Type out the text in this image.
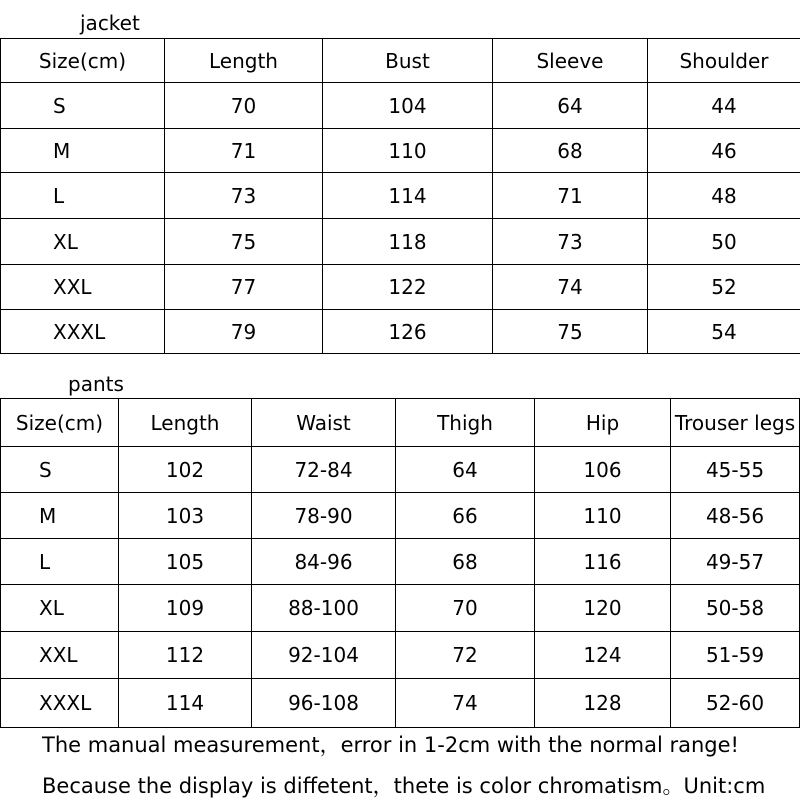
jacket
Size(cm)	Length	Bust	Sleeve	Shoulder
S	70	104	64	44
M	71	110	68	46
L	73	114	71	48
XL	75	118	73	50
XXL	77	122	74	52
XXXL	79	126	75	54
pants
Size(cm)	Length	Waist	Thigh	Hip	Trouser legs
S	102	72-84	64	106	45-55
M	103	78-90	66	110	48-56
L	105	84-96	68	116	49-57
XL	109	88-100	70	120	50-58
XXL	112	92-104	72	124	51-59
XXXL	114	96-108	74	128	52-60
The manual measurement，error in 1-2cm with the normal range!
Because the display is diffetent，thete is color chromatism。Unit:cm
